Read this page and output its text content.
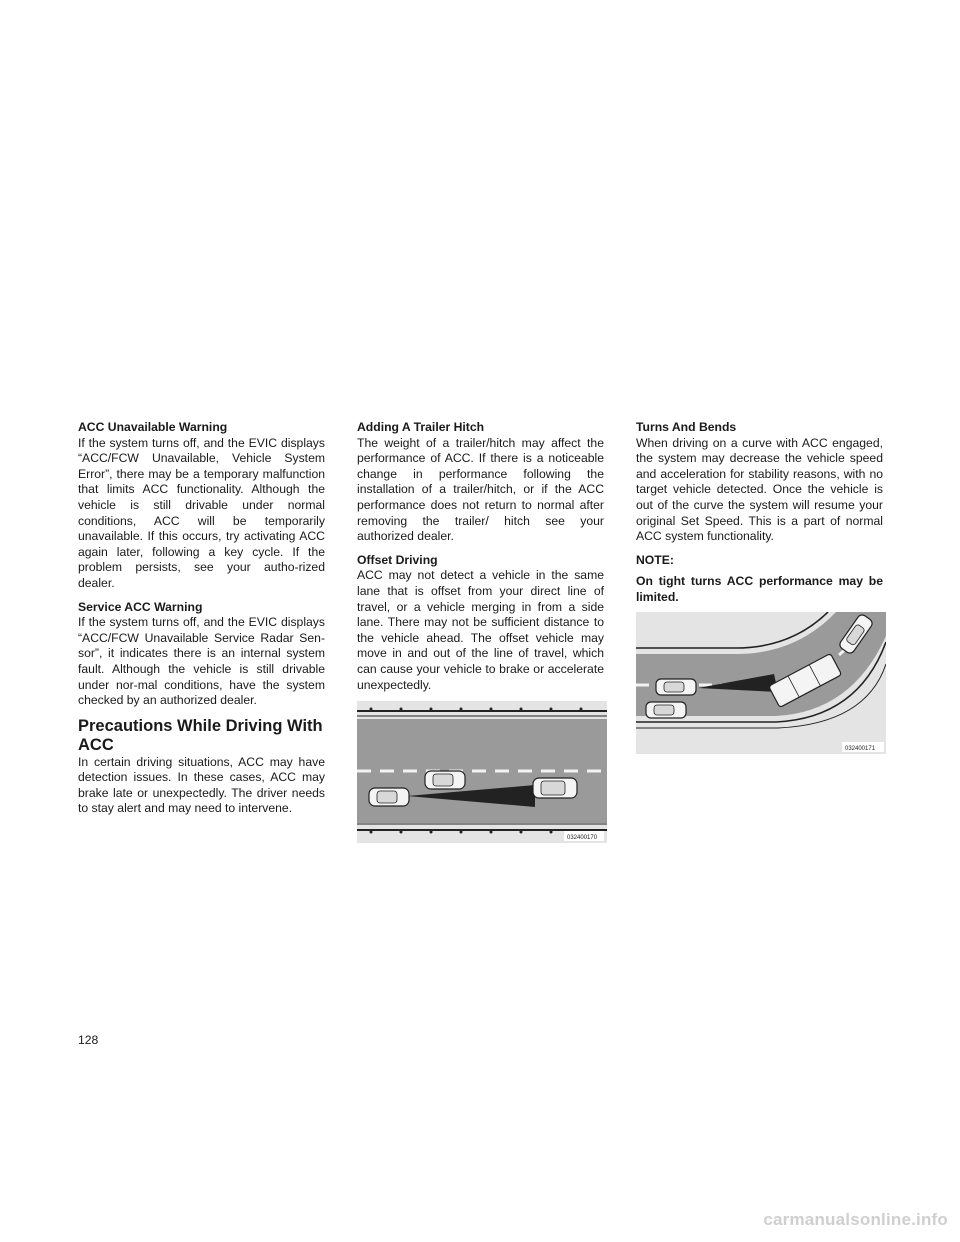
ACC Unavailable Warning

If the system turns off, and the EVIC displays “ACC/FCW Unavailable, Vehicle System Error”, there may be a temporary malfunction that limits ACC functionality. Although the vehicle is still drivable under normal conditions, ACC will be temporarily unavailable. If this occurs, try activating ACC again later, following a key cycle. If the problem persists, see your autho-rized dealer.

Service ACC Warning

If the system turns off, and the EVIC displays “ACC/FCW Unavailable Service Radar Sen-sor”, it indicates there is an internal system fault. Although the vehicle is still drivable under nor-mal conditions, have the system checked by an authorized dealer.

Precautions While Driving With ACC

In certain driving situations, ACC may have detection issues. In these cases, ACC may brake late or unexpectedly. The driver needs to stay alert and may need to intervene.

Adding A Trailer Hitch

The weight of a trailer/hitch may affect the performance of ACC. If there is a noticeable change in performance following the installation of a trailer/hitch, or if the ACC performance does not return to normal after removing the trailer/ hitch see your authorized dealer.

Offset Driving

ACC may not detect a vehicle in the same lane that is offset from your direct line of travel, or a vehicle merging in from a side lane. There may not be sufficient distance to the vehicle ahead. The offset vehicle may move in and out of the line of travel, which can cause your vehicle to brake or accelerate unexpectedly.

032400170

Turns And Bends

When driving on a curve with ACC engaged, the system may decrease the vehicle speed and acceleration for stability reasons, with no target vehicle detected. Once the vehicle is out of the curve the system will resume your original Set Speed. This is a part of normal ACC system functionality.

NOTE:

On tight turns ACC performance may be limited.

032400171
128
carmanualsonline.info
